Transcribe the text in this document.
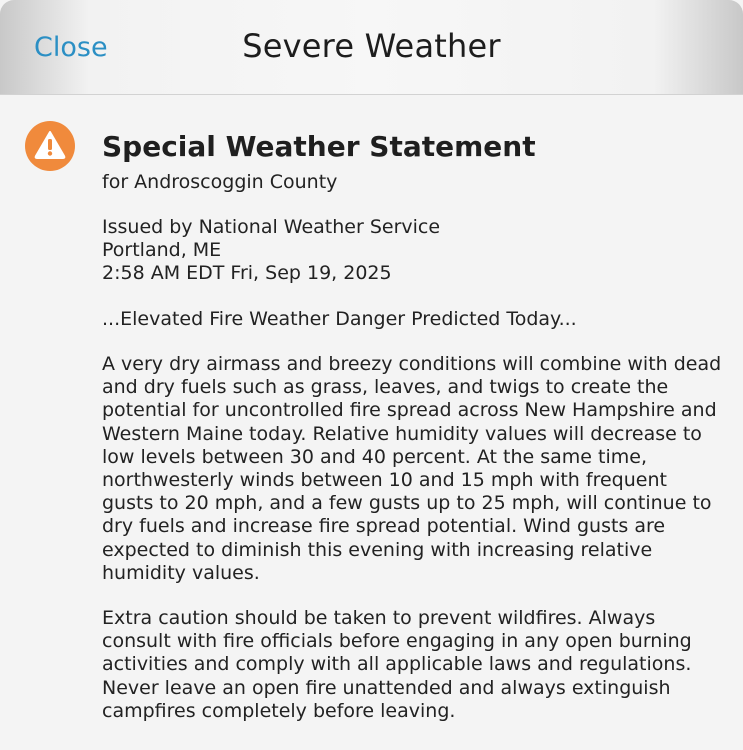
Close	Severe Weather
Special Weather Statement
for Androscoggin County
Issued by National Weather Service
Portland, ME
2:58 AM EDT Fri, Sep 19, 2025
...Elevated Fire Weather Danger Predicted Today...
A very dry airmass and breezy conditions will combine with dead and dry fuels such as grass, leaves, and twigs to create the potential for uncontrolled fire spread across New Hampshire and Western Maine today. Relative humidity values will decrease to low levels between 30 and 40 percent. At the same time, northwesterly winds between 10 and 15 mph with frequent gusts to 20 mph, and a few gusts up to 25 mph, will continue to dry fuels and increase fire spread potential. Wind gusts are expected to diminish this evening with increasing relative humidity values.
Extra caution should be taken to prevent wildfires. Always consult with fire officials before engaging in any open burning activities and comply with all applicable laws and regulations. Never leave an open fire unattended and always extinguish campfires completely before leaving.
